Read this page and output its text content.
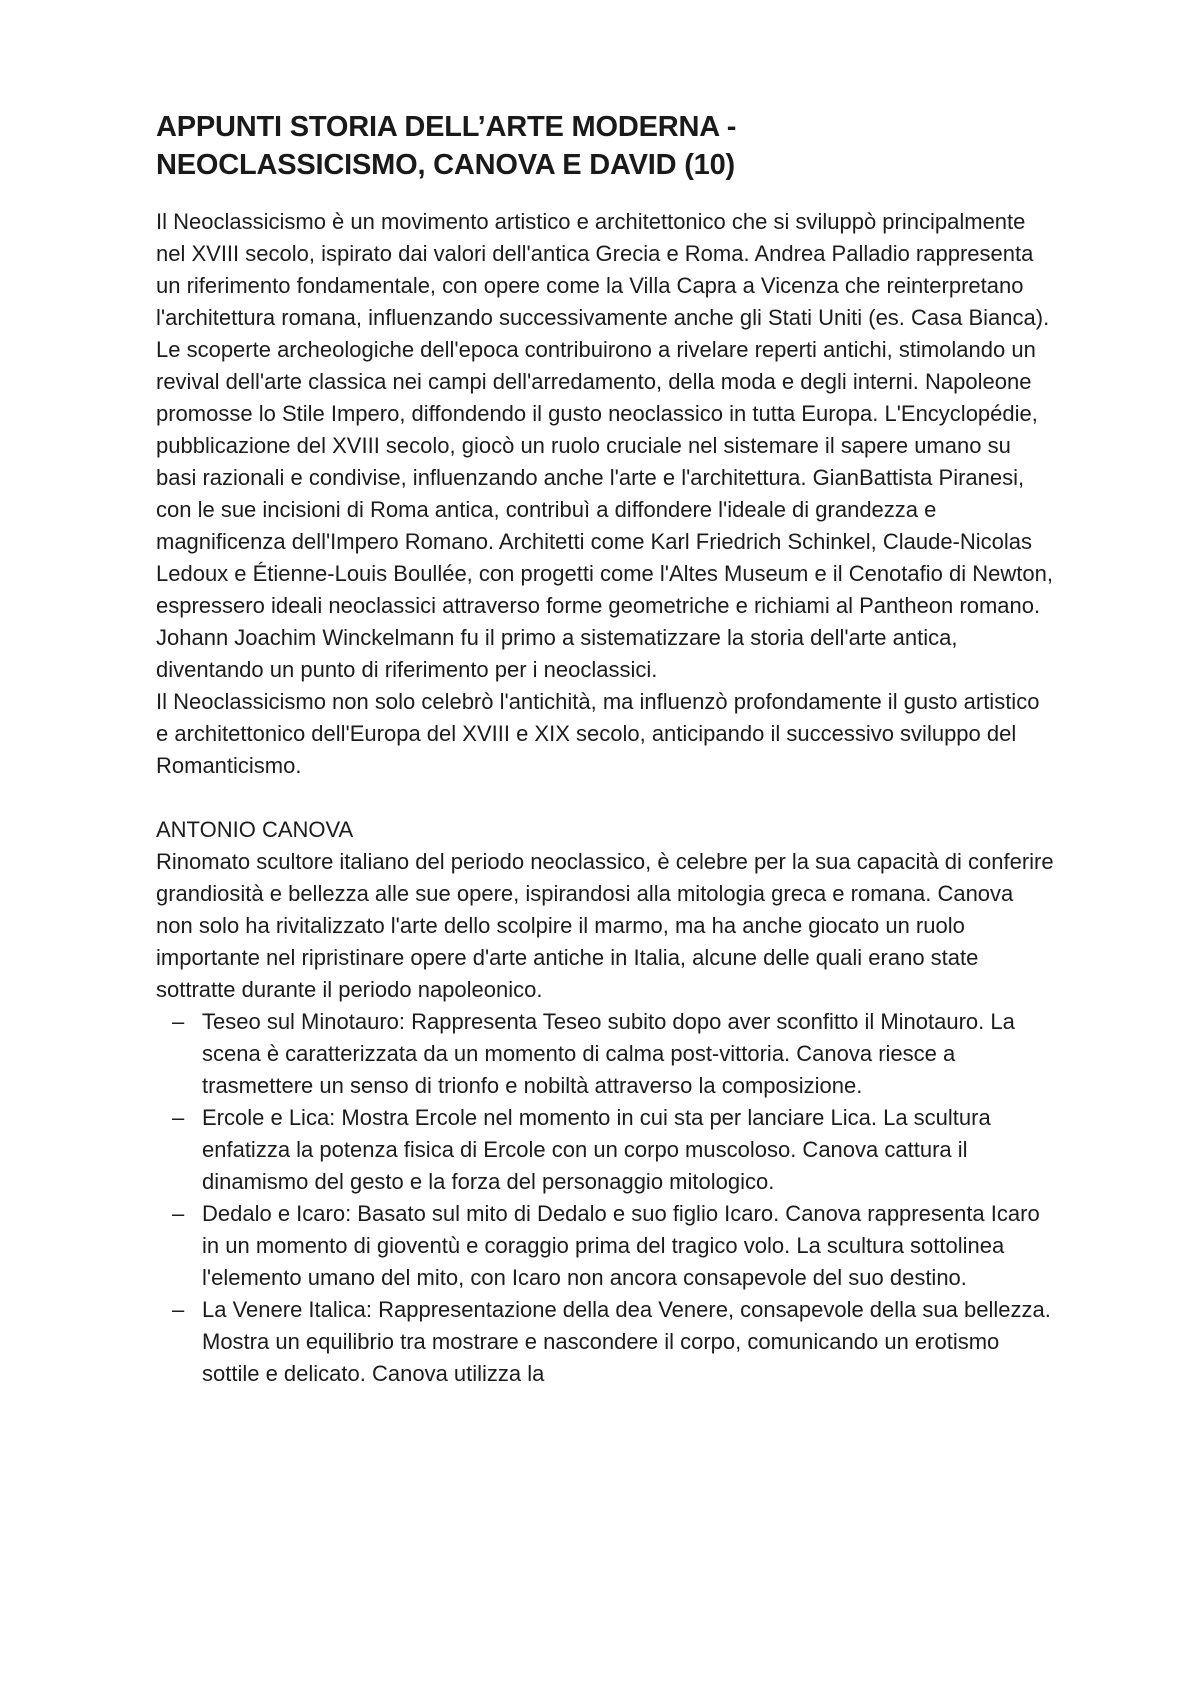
APPUNTI STORIA DELL’ARTE MODERNA -
NEOCLASSICISMO, CANOVA E DAVID (10)

Il Neoclassicismo è un movimento artistico e architettonico che si sviluppò principalmente nel XVIII secolo, ispirato dai valori dell'antica Grecia e Roma. Andrea Palladio rappresenta un riferimento fondamentale, con opere come la Villa Capra a Vicenza che reinterpretano l'architettura romana, influenzando successivamente anche gli Stati Uniti (es. Casa Bianca). Le scoperte archeologiche dell'epoca contribuirono a rivelare reperti antichi, stimolando un revival dell'arte classica nei campi dell'arredamento, della moda e degli interni. Napoleone promosse lo Stile Impero, diffondendo il gusto neoclassico in tutta Europa. L'Encyclopédie, pubblicazione del XVIII secolo, giocò un ruolo cruciale nel sistemare il sapere umano su basi razionali e condivise, influenzando anche l'arte e l'architettura. GianBattista Piranesi, con le sue incisioni di Roma antica, contribuì a diffondere l'ideale di grandezza e magnificenza dell'Impero Romano. Architetti come Karl Friedrich Schinkel, Claude-Nicolas Ledoux e Étienne-Louis Boullée, con progetti come l'Altes Museum e il Cenotafio di Newton, espressero ideali neoclassici attraverso forme geometriche e richiami al Pantheon romano. Johann Joachim Winckelmann fu il primo a sistematizzare la storia dell'arte antica, diventando un punto di riferimento per i neoclassici.

Il Neoclassicismo non solo celebrò l'antichità, ma influenzò profondamente il gusto artistico e architettonico dell'Europa del XVIII e XIX secolo, anticipando il successivo sviluppo del Romanticismo.

ANTONIO CANOVA

Rinomato scultore italiano del periodo neoclassico, è celebre per la sua capacità di conferire grandiosità e bellezza alle sue opere, ispirandosi alla mitologia greca e romana. Canova non solo ha rivitalizzato l'arte dello scolpire il marmo, ma ha anche giocato un ruolo importante nel ripristinare opere d'arte antiche in Italia, alcune delle quali erano state sottratte durante il periodo napoleonico.

– Teseo sul Minotauro: Rappresenta Teseo subito dopo aver sconfitto il Minotauro. La scena è caratterizzata da un momento di calma post-vittoria. Canova riesce a trasmettere un senso di trionfo e nobiltà attraverso la composizione.
– Ercole e Lica: Mostra Ercole nel momento in cui sta per lanciare Lica. La scultura enfatizza la potenza fisica di Ercole con un corpo muscoloso. Canova cattura il dinamismo del gesto e la forza del personaggio mitologico.
– Dedalo e Icaro: Basato sul mito di Dedalo e suo figlio Icaro. Canova rappresenta Icaro in un momento di gioventù e coraggio prima del tragico volo. La scultura sottolinea l'elemento umano del mito, con Icaro non ancora consapevole del suo destino.
– La Venere Italica: Rappresentazione della dea Venere, consapevole della sua bellezza. Mostra un equilibrio tra mostrare e nascondere il corpo, comunicando un erotismo sottile e delicato. Canova utilizza la
